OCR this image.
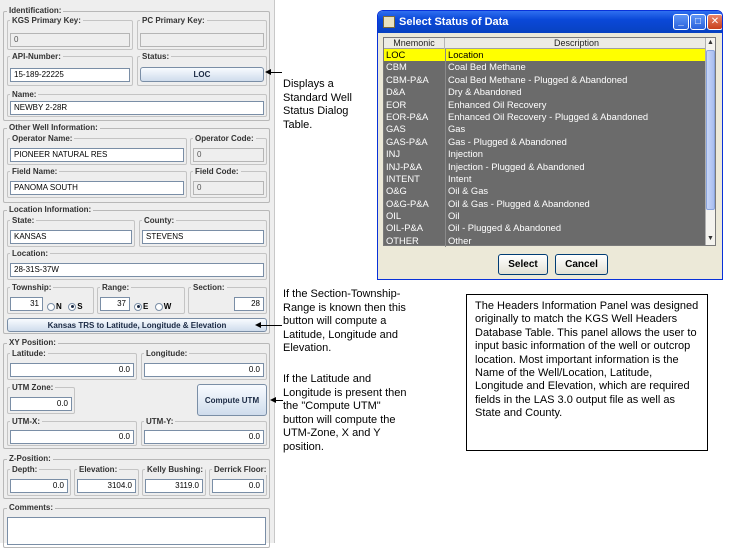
Identification:
KGS Primary Key:
0
PC Primary Key:
API-Number:
15-189-22225
Status:
LOC
Name:
NEWBY 2-28R
Other Well Information:
Operator Name:
PIONEER NATURAL RES
Operator Code:
0
Field Name:
PANOMA SOUTH
Field Code:
0
Location Information:
State:
KANSAS
County:
STEVENS
Location:
28-31S-37W
Township:
31	N S
Range:
37	E W
Section:
28
Kansas TRS to Latitude, Longitude & Elevation
XY Position:
Latitude:
0.0
Longitude:
0.0
UTM Zone:
0.0	Compute UTM
UTM-X:
0.0
UTM-Y:
0.0
Z-Position:
Depth:
0.0
Elevation:
3104.0
Kelly Bushing:
3119.0
Derrick Floor:
0.0
Comments:
Displays a
Standard Well
Status Dialog
Table.
If the Section-Township-
Range is known then this
button will compute a
Latitude, Longitude and
Elevation.
If the Latitude and
Longitude is present then
the "Compute UTM"
button will compute the
UTM-Zone, X and Y
position.
The Headers Information Panel was designed originally to match the KGS Well Headers Database Table. This panel allows the user to input basic information of the well or outcrop location. Most important information is the Name of the Well/Location, Latitude, Longitude and Elevation, which are required fields in the LAS 3.0 output file as well as State and County.
Select Status of Data	_	□ ✕
Mnemonic	Description
LOC	Location
CBM	Coal Bed Methane
CBM-P&A Coal Bed Methane - Plugged & Abandoned
D&A	Dry & Abandoned
EOR	Enhanced Oil Recovery
EOR-P&A Enhanced Oil Recovery - Plugged & Abandoned
GAS	Gas
GAS-P&A Gas - Plugged & Abandoned
INJ	Injection
INJ-P&A	Injection - Plugged & Abandoned
INTENT	Intent
O&G	Oil & Gas
O&G-P&A Oil & Gas - Plugged & Abandoned
OIL	Oil
OIL-P&A	Oil - Plugged & Abandoned
OTHER	Other
▲
▼
Select	Cancel
